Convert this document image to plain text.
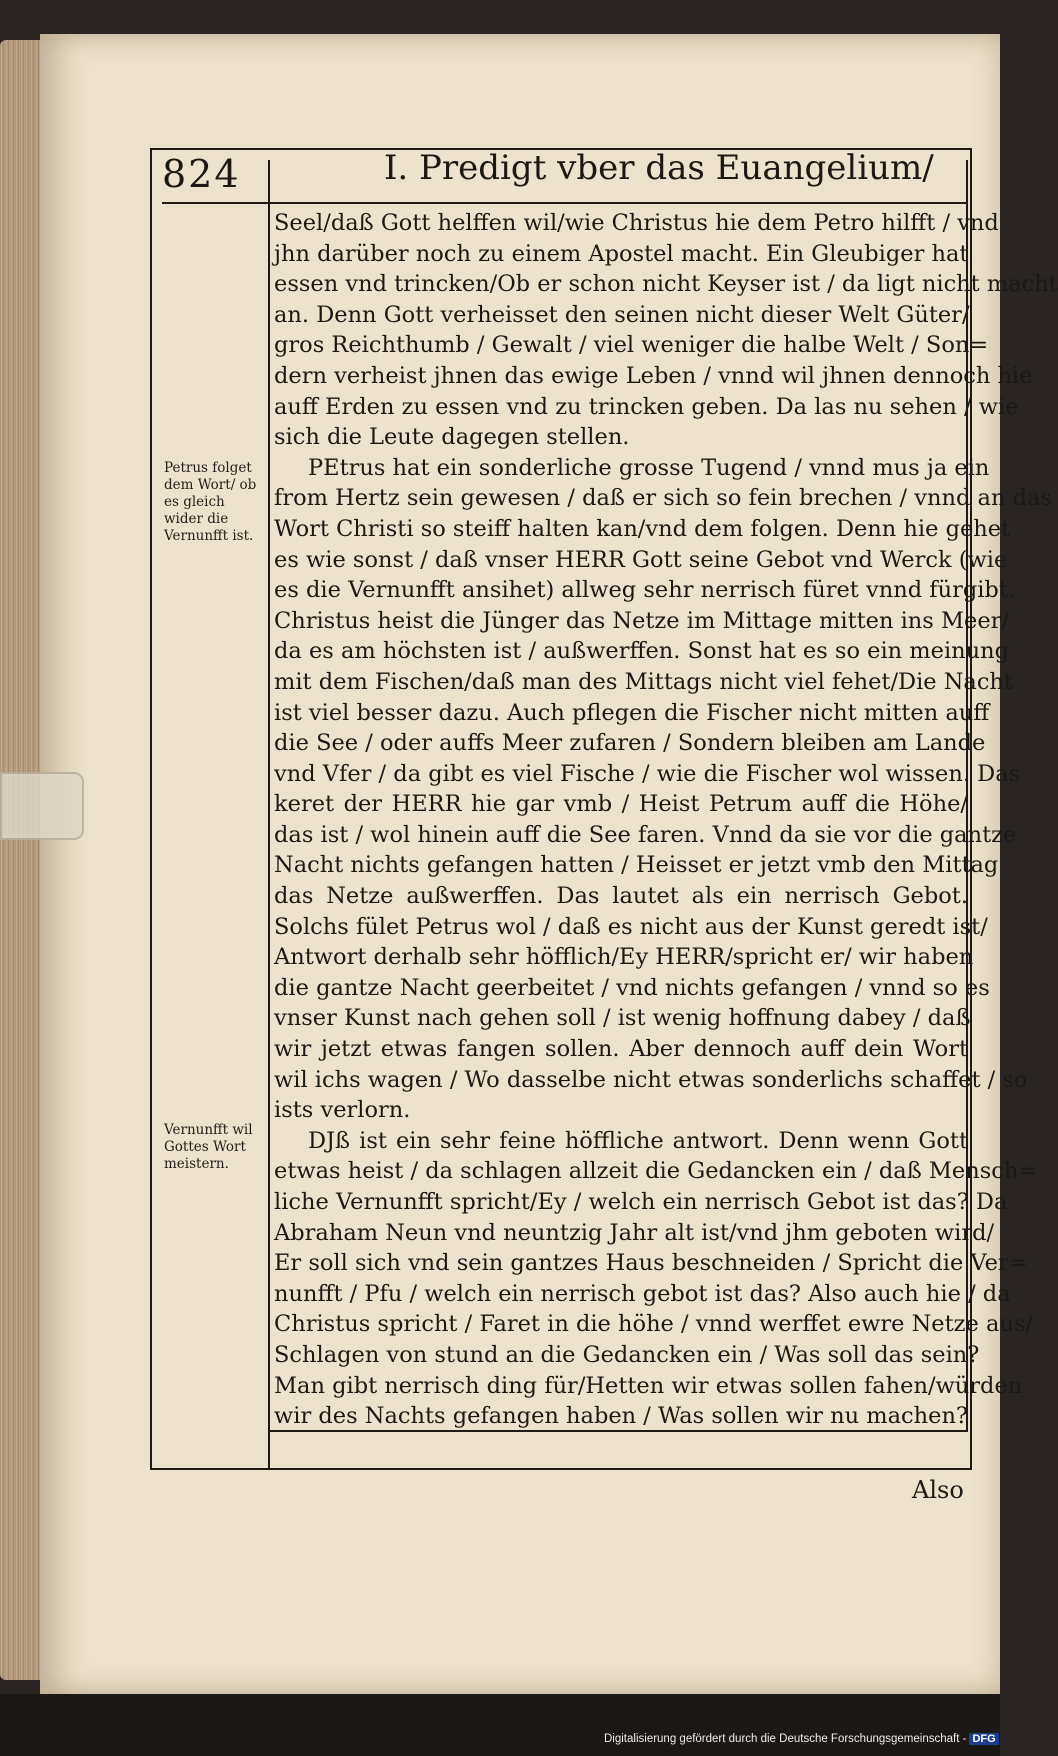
824	I. Predigt vber das Euangelium/
Petrus folget dem Wort/ ob es gleich wider die Vernunfft ist.
Vernunfft wil Gottes Wort meistern.
Seel/daß Gott helffen wil/wie Christus hie dem Petro hilfft / vnd
jhn darüber noch zu einem Apostel macht. Ein Gleubiger hat
essen vnd trincken/Ob er schon nicht Keyser ist / da ligt nicht macht
an. Denn Gott verheisset den seinen nicht dieser Welt Güter/
gros Reichthumb / Gewalt / viel weniger die halbe Welt / Son=
dern verheist jhnen das ewige Leben / vnnd wil jhnen dennoch hie
auff Erden zu essen vnd zu trincken geben. Da las nu sehen / wie
sich die Leute dagegen stellen.
PEtrus hat ein sonderliche grosse Tugend / vnnd mus ja ein
from Hertz sein gewesen / daß er sich so fein brechen / vnnd an das
Wort Christi so steiff halten kan/vnd dem folgen. Denn hie gehet
es wie sonst / daß vnser HERR Gott seine Gebot vnd Werck (wie
es die Vernunfft ansihet) allweg sehr nerrisch füret vnnd fürgibt.
Christus heist die Jünger das Netze im Mittage mitten ins Meer/
da es am höchsten ist / außwerffen. Sonst hat es so ein meinung
mit dem Fischen/daß man des Mittags nicht viel fehet/Die Nacht
ist viel besser dazu. Auch pflegen die Fischer nicht mitten auff
die See / oder auffs Meer zufaren / Sondern bleiben am Lande
vnd Vfer / da gibt es viel Fische / wie die Fischer wol wissen. Das
keret der HERR hie gar vmb / Heist Petrum auff die Höhe/
das ist / wol hinein auff die See faren. Vnnd da sie vor die gantze
Nacht nichts gefangen hatten / Heisset er jetzt vmb den Mittag
das Netze außwerffen. Das lautet als ein nerrisch Gebot.
Solchs fület Petrus wol / daß es nicht aus der Kunst geredt ist/
Antwort derhalb sehr höfflich/Ey HERR/spricht er/ wir haben
die gantze Nacht geerbeitet / vnd nichts gefangen / vnnd so es
vnser Kunst nach gehen soll / ist wenig hoffnung dabey / daß
wir jetzt etwas fangen sollen. Aber dennoch auff dein Wort
wil ichs wagen / Wo dasselbe nicht etwas sonderlichs schaffet / so
ists verlorn.
DJß ist ein sehr feine höffliche antwort. Denn wenn Gott
etwas heist / da schlagen allzeit die Gedancken ein / daß Mensch=
liche Vernunfft spricht/Ey / welch ein nerrisch Gebot ist das? Da
Abraham Neun vnd neuntzig Jahr alt ist/vnd jhm geboten wird/
Er soll sich vnd sein gantzes Haus beschneiden / Spricht die Ver=
nunfft / Pfu / welch ein nerrisch gebot ist das? Also auch hie / da
Christus spricht / Faret in die höhe / vnnd werffet ewre Netze aus/
Schlagen von stund an die Gedancken ein / Was soll das sein?
Man gibt nerrisch ding für/Hetten wir etwas sollen fahen/würden
wir des Nachts gefangen haben / Was sollen wir nu machen?
Also
Digitalisierung gefördert durch die Deutsche Forschungsgemeinschaft - DFG
